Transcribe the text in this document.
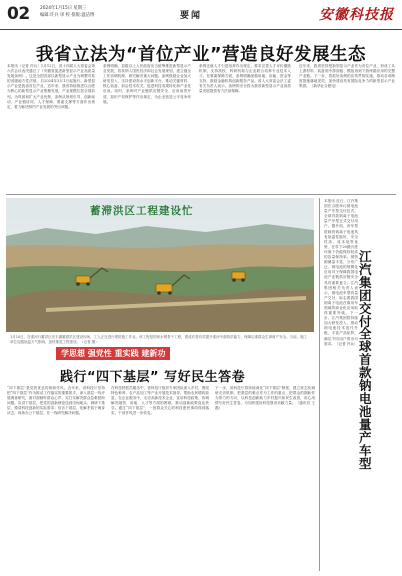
02 2024年1月15日 星期三
编辑:许兵 审 校 排版:温洁博	要闻	安徽科技报
我省立法为“首位产业”营造良好发展生态
本报讯（记者 许兵）1月12日，省十四届人大常委会第六次会议表决通过了《安徽省促进新型显示产业高质量发展条例》。这是全国首部以新型显示产业为调整对象的省级地方性法规，自2024年3月1日起施行。新型显示产业是我省首位产业，近年来，我省持续推进以合肥为核心的新型显示产业集聚发展，产业规模位居全国前列。为巩固和扩大产业优势，条例从规划引导、创新驱动、产业链协同、人才保障、要素支撑等方面作出规定，着力解决制约产业发展的突出问题。
条例明确，县级以上人民政府应当统筹推进新型显示产业发展，将其纳入国民经济和社会发展规划，建立健全工作协调机制，研究解决重大问题。条例鼓励企业加大研发投入，支持建设高水平创新平台，推动关键材料、核心装备、前沿技术攻关，促进科技成果转化和产业化应用。同时，条例对产业链供应链安全、应用场景开放、知识产权保护等作出规定，为企业营造公平竞争环境。
条例还就人才引进培养作出规定，要求完善人才评价激励机制，支持高校、科研机构与企业联合培养专业技术人才。在要素保障方面，条例明确加强用地、用能、资金等支持，鼓励金融机构创新服务产品。省人大常委会法工委有关负责人表示，条例的出台将为我省新型显示产业高质量发展提供有力法治保障。
近年来，我省坚持把新型显示产业作为首位产业，形成了从上游材料、装备到中游面板、模组再到下游终端应用的完整产业链。下一步，将抓好条例的宣传贯彻实施，推动各项制度措施落地见效，加快建设具有国际竞争力的新型显示产业集群。（新华社合肥电）
蓄滞洪区工程建设忙
1月10日，在淮河行蓄洪区庆丰湖蓄滞洪区建设现场，工人正在进行堤防施工作业。该工程是国家水网骨干工程，建成后将有效提升淮河中游防洪能力，保障沿淮群众生命财产安全。当前，施工单位克服低温天气影响，加快推进工程建设。（记者 摄）
本报讯 近日，江汽集团在合肥举行钠电池量产车型交付仪式，全球首款钠离子电池量产车型正式交付用户。据介绍，该车型搭载的钠离子电池具有低温性能好、安全性高、成本低等优势，在零下20摄氏度环境下仍能保持较高的容量保持率。钠资源储量丰富、分布广泛，钠电池的规模化应用对于保障我国电池产业链供应链安全具有重要意义。江汽集团相关负责人表示，钠电池车型的量产交付，标志着我国钠离子电池在乘用车领域的商业化应用取得重要突破。下一步，江汽集团将持续加大研发投入，推动钠电池技术迭代升级，丰富产品矩阵，满足不同用户的出行需求。（记者 许兵）
江汽集团交付全球首款钠电池量产车型
学思想 强党性 重实践 建新功
践行“四下基层” 写好民生答卷
“四下基层”是党的优良传统和作风。近年来，省科技厅坚持把“四下基层”作为推动工作落实的重要抓手，深入基层一线开展调查研究，面对面倾听群众心声，实打实解决群众急难愁盼问题。宣讲下基层，把党的创新理论送到田间地头；调研下基层，摸清科技创新的实际需求；信访下基层，化解矛盾于萌芽状态；现场办公下基层，在一线研究解决问题。
在科技特派员服务中，省科技厅组织专家团队深入乡村，围绕特色种养、农产品加工等产业开展技术指导，帮助农民增收致富。在企业服务中，走访高新技术企业，宣讲科技政策，协调解决融资、用地、人才等方面的困难，推动创新政策直达快享。通过“四下基层”，一批群众关心的科技惠民事项得到落实，干部作风进一步转变。
下一步，省科技厅将持续深化“四下基层”制度，建立常态化调研走访机制，把基层的难点作为工作的重点，把群众的期盼作为努力的方向，以科技创新助力乡村振兴和民生改善，用心用情写好民生答卷，为加快建设科技强省贡献力量。（通讯员 王磊）
